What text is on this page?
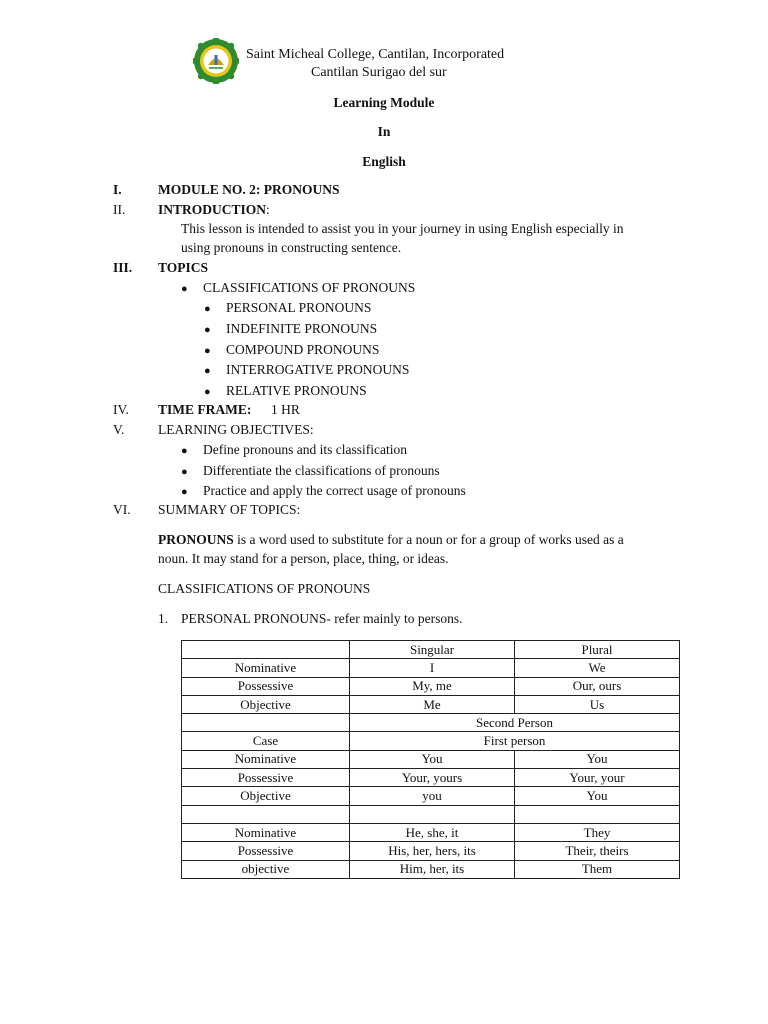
Saint Micheal College, Cantilan, Incorporated
Cantilan Surigao del sur
Learning Module
In
English
I.	MODULE NO. 2: PRONOUNS
II. INTRODUCTION:
This lesson is intended to assist you in your journey in using English especially in
using pronouns in constructing sentence.
III. TOPICS
● CLASSIFICATIONS OF PRONOUNS
● PERSONAL PRONOUNS
● INDEFINITE PRONOUNS
● COMPOUND PRONOUNS
● INTERROGATIVE PRONOUNS
● RELATIVE PRONOUNS
IV. TIME FRAME: 1 HR
V. LEARNING OBJECTIVES:
● Define pronouns and its classification
● Differentiate the classifications of pronouns
● Practice and apply the correct usage of pronouns
VI. SUMMARY OF TOPICS:
PRONOUNS is a word used to substitute for a noun or for a group of works used as a
noun. It may stand for a person, place, thing, or ideas.
CLASSIFICATIONS OF PRONOUNS
1. PERSONAL PRONOUNS- refer mainly to persons.
	Singular	Plural
Nominative	I	We
Possessive	My, me	Our, ours
Objective	Me	Us
	Second Person	
Case	First person	
Nominative	You	You
Possessive	Your, yours	Your, your
Objective	you	You

Nominative	He, she, it	They
Possessive	His, her, hers, its	Their, theirs
objective	Him, her, its	Them
